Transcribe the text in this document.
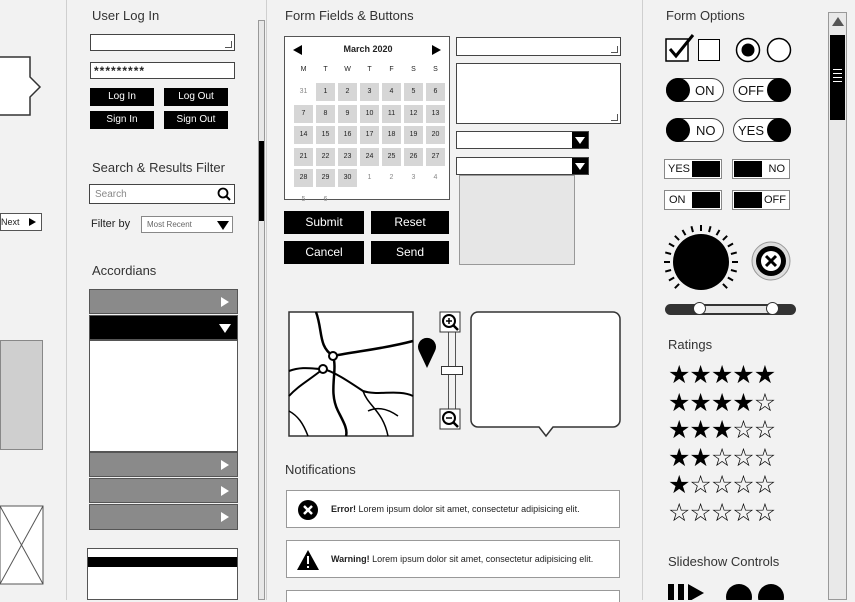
Next
User Log In
*********
Log In	Log Out
Sign In	Sign Out
Search & Results Filter
Search
Filter by Most Recent
Accordians
Form Fields & Buttons
March 2020
M	T	W	T	F	S	S
31	1	2	3	4	5	6
7	8	9	10	11	12	13
14	15	16	17	18	19	20
21	22	23	24	25	26	27
28	29	30	1	2	3	4
5	6
Submit	Reset
Cancel	Send
Notifications
Error! Lorem ipsum dolor sit amet, consectetur adipisicing elit.
Warning! Lorem ipsum dolor sit amet, consectetur adipisicing elit.
Form Options
ON OFF
NO YES
YES	NO
ON	OFF
Ratings
★★★★★
★★★★☆
★★★☆☆
★★☆☆☆
★☆☆☆☆
☆☆☆☆☆
Slideshow Controls
